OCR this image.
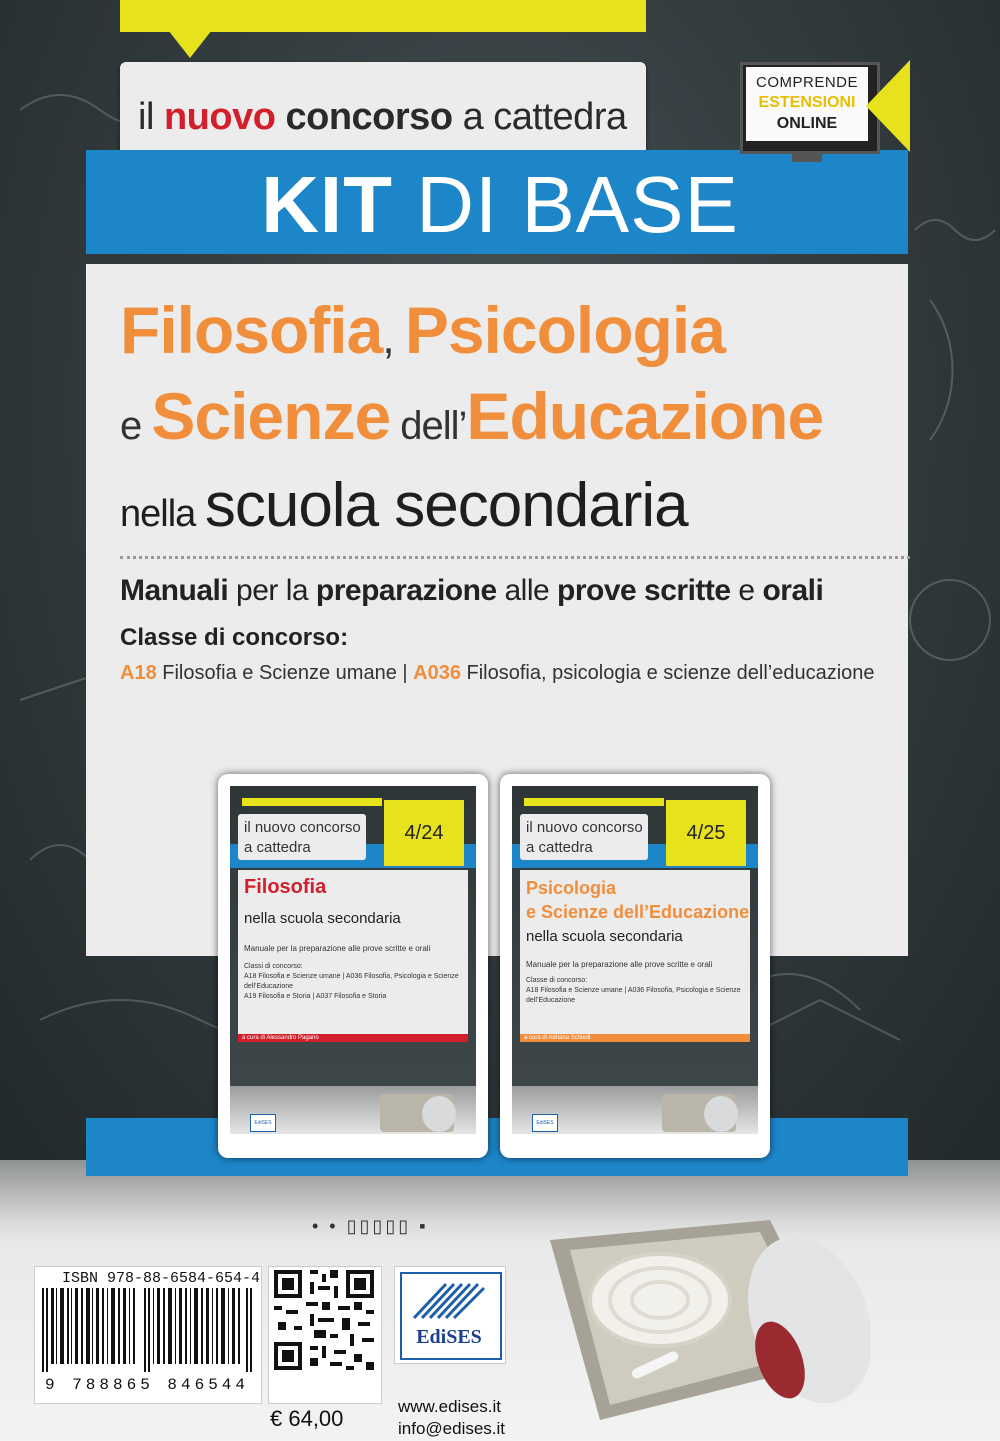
il nuovo concorso a cattedra
KIT DI BASE
COMPRENDE
ESTENSIONI
ONLINE
Filosofia, Psicologia
e Scienze dell’Educazione
nella scuola secondaria
Manuali per la preparazione alle prove scritte e orali
Classe di concorso:
A18 Filosofia e Scienze umane | A036 Filosofia, psicologia e scienze dell’educazione
il nuovo concorso
a cattedra
4/24
Filosofia
nella scuola secondaria
Manuale per la preparazione alle prove scritte e orali
Classi di concorso:
A18 Filosofia e Scienze umane | A036 Filosofia, Psicologia e Scienze dell’Educazione
A19 Filosofia e Storia | A037 Filosofia e Storia
a cura di Alessandro Pagano
EdiSES
il nuovo concorso
a cattedra
4/25
Psicologia
e Scienze dell’Educazione
nella scuola secondaria
Manuale per la preparazione alle prove scritte e orali
Classe di concorso:
A18 Filosofia e Scienze umane | A036 Filosofia, Psicologia e Scienze dell’Educazione
a cura di Adriana Schiedi
EdiSES
• • ▯▯▯▯▯ ▪
ISBN 978-88-6584-654-4
9 788865 846544
€ 64,00
EdiSES
www.edises.it
info@edises.it
